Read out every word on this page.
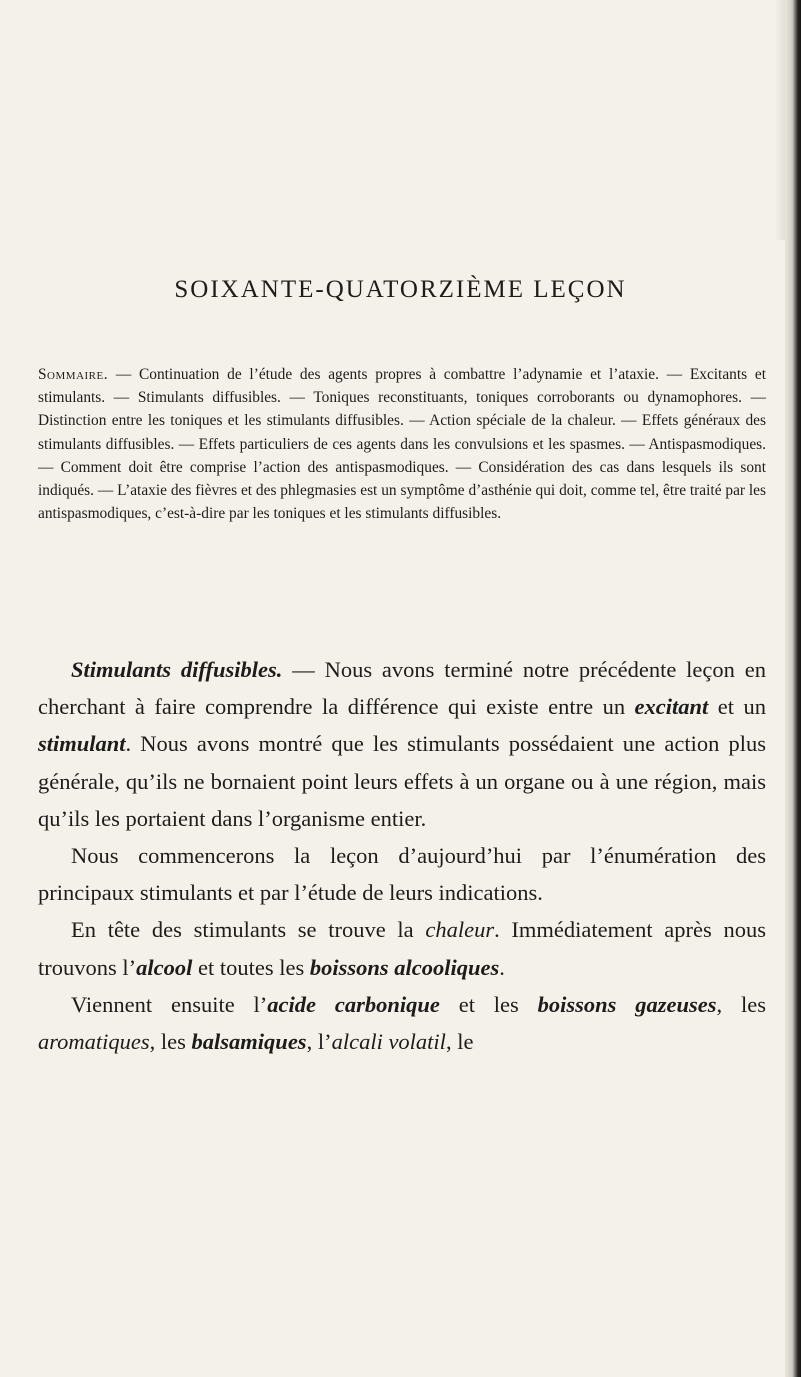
SOIXANTE-QUATORZIÈME LEÇON

Sommaire. — Continuation de l’étude des agents propres à combattre l’adynamie et l’ataxie. — Excitants et stimulants. — Stimulants diffusibles. — Toniques reconstituants, toniques corroborants ou dynamophores. — Distinction entre les toniques et les stimulants diffusibles. — Action spéciale de la chaleur. — Effets généraux des stimulants diffusibles. — Effets particuliers de ces agents dans les convulsions et les spasmes. — Antispasmodiques. — Comment doit être comprise l’action des antispasmodiques. — Considération des cas dans lesquels ils sont indiqués. — L’ataxie des fièvres et des phlegmasies est un symptôme d’asthénie qui doit, comme tel, être traité par les antispasmodiques, c’est-à-dire par les toniques et les stimulants diffusibles.

Stimulants diffusibles. — Nous avons terminé notre précédente leçon en cherchant à faire comprendre la différence qui existe entre un excitant et un stimulant. Nous avons montré que les stimulants possédaient une action plus générale, qu’ils ne bornaient point leurs effets à un organe ou à une région, mais qu’ils les portaient dans l’organisme entier.

Nous commencerons la leçon d’aujourd’hui par l’énumération des principaux stimulants et par l’étude de leurs indications.

En tête des stimulants se trouve la chaleur. Immédiatement après nous trouvons l’alcool et toutes les boissons alcooliques.

Viennent ensuite l’acide carbonique et les boissons gazeuses, les aromatiques, les balsamiques, l’alcali volatil, le
